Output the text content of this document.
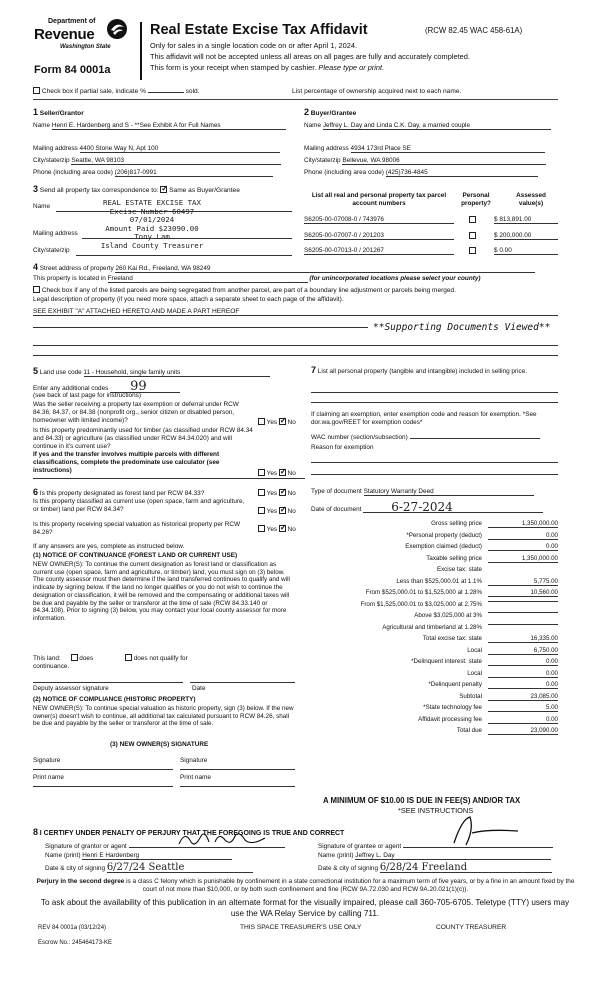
Department of
Revenue
Washington State
Form 84 0001a
Real Estate Excise Tax Affidavit	(RCW 82.45 WAC 458-61A)
Only for sales in a single location code on or after April 1, 2024.
This affidavit will not be accepted unless all areas on all pages are fully and accurately completed.
This form is your receipt when stamped by cashier. Please type or print.
Check box if partial sale, indicate %	sold.	List percentage of ownership acquired next to each name.
1 Seller/Grantor
Name Henri E. Hardenberg and S - **See Exhibit A for Full Names
Mailing address 4400 Stone Way N, Apt 100
City/state/zip Seattle, WA 98103
Phone (including area code) (206)817-0991
2 Buyer/Grantee
Name Jeffrey L. Day and Linda C.K. Day, a married couple
Mailing address 4934 173rd Place SE
City/state/zip Bellevue, WA 98006
Phone (including area code) (425)736-4845
3 Send all property tax correspondence to: ✓ Same as Buyer/Grantee
Name
Mailing address
City/state/zip
REAL ESTATE EXCISE TAX
Excise Number 60497
07/01/2024
Amount Paid $23090.00
Tony Lam
Island County Treasurer
List all real and personal property tax parcel account numbers
Personal property?
Assessed value(s)
S6205-00-07008-0 / 743976	$ 813,891.00
S6205-00-07007-0 / 201203	$ 200,000.00
S6205-00-07013-0 / 201267	$ 0.00
4 Street address of property 260 Kai Rd., Freeland, WA 98249
This property is located in Freeland	(for unincorporated locations please select your county)
Check box if any of the listed parcels are being segregated from another parcel, are part of a boundary line adjustment or parcels being merged.
Legal description of property (if you need more space, attach a separate sheet to each page of the affidavit).
SEE EXHIBIT "A" ATTACHED HERETO AND MADE A PART HEREOF
**Supporting Documents Viewed**
5 Land use code 11 - Household, single family units
Enter any additional codes 99
(see back of last page for instructions)
Was the seller receiving a property tax exemption or deferral under RCW 84.36, 84.37, or 84.38 (nonprofit org., senior citizen or disabled person, homeowner with limited income)?	Yes ✓ No
Is this property predominantly used for timber (as classified under RCW 84.34 and 84.33) or agriculture (as classified under RCW 84.34.020) and will continue in it's current use?
If yes and the transfer involves multiple parcels with different classifications, complete the predominate use calculator (see instructions)	Yes ✓ No
7 List all personal property (tangible and intangible) included in selling price.
If claiming an exemption, enter exemption code and reason for exemption. *See dor.wa.gov/REET for exemption codes*
WAC number (section/subsection)
Reason for exemption
6 Is this property designated as forest land per RCW 84.33?	Yes ✓ No
Is this property classified as current use (open space, farm and agriculture, or timber) land per RCW 84.34?	Yes ✓ No
Is this property receiving special valuation as historical property per RCW 84.26?	Yes ✓ No
If any answers are yes, complete as instructed below.
(1) NOTICE OF CONTINUANCE (FOREST LAND OR CURRENT USE)
NEW OWNER(S): To continue the current designation as forest land or classification as current use (open space, farm and agriculture, or timber) land, you must sign on (3) below. The county assessor must then determine if the land transferred continues to qualify and will indicate by signing below. If the land no longer qualifies or you do not wish to continue the designation or classification, it will be removed and the compensating or additional taxes will be due and payable by the seller or transferor at the time of sale (RCW 84.33.140 or 84.34.108). Prior to signing (3) below, you may contact your local county assessor for more information.
This land:	does	does not qualify for
continuance.
Deputy assessor signature	Date
(2) NOTICE OF COMPLIANCE (HISTORIC PROPERTY)
NEW OWNER(S): To continue special valuation as historic property, sign (3) below. If the new owner(s) doesn't wish to continue, all additional tax calculated pursuant to RCW 84.26, shall be due and payable by the seller or transferor at the time of sale.
(3) NEW OWNER(S) SIGNATURE
Signature	Signature
Print name	Print name
Type of document Statutory Warranty Deed
Date of document 6-27-2024
Gross selling price	1,350,000.00
*Personal property (deduct)	0.00
Exemption claimed (deduct)	0.00
Taxable selling price	1,350,000.00
Excise tax: state
Less than $525,000.01 at 1.1%	5,775.00
From $525,000.01 to $1,525,000 at 1.28%	10,560.00
From $1,525,000.01 to $3,025,000 at 2.75%
Above $3,025,000 at 3%
Agricultural and timberland at 1.28%
Total excise tax: state	16,335.00
Local	6,750.00
*Delinquent interest: state	0.00
Local	0.00
*Delinquent penalty	0.00
Subtotal	23,085.00
*State technology fee	5.00
Affidavit processing fee	0.00
Total due	23,090.00
A MINIMUM OF $10.00 IS DUE IN FEE(S) AND/OR TAX
*SEE INSTRUCTIONS
8 I CERTIFY UNDER PENALTY OF PERJURY THAT THE FOREGOING IS TRUE AND CORRECT
Signature of grantor or agent
Name (print) Henri E Hardenberg
Date & city of signing 6/27/24 Seattle
Signature of grantee or agent
Name (print) Jeffrey L. Day
Date & city of signing 6/28/24 Freeland
Perjury in the second degree is a class C felony which is punishable by confinement in a state correctional institution for a maximum term of five years, or by a fine in an amount fixed by the court of not more than $10,000, or by both such confinement and fine (RCW 9A.72.030 and RCW 9A.20.021(1)(c)).
To ask about the availability of this publication in an alternate format for the visually impaired, please call 360-705-6705. Teletype (TTY) users may use the WA Relay Service by calling 711.
REV 84 0001a (03/12/24)	THIS SPACE TREASURER'S USE ONLY	COUNTY TREASURER
Escrow No.: 245464173-KE
